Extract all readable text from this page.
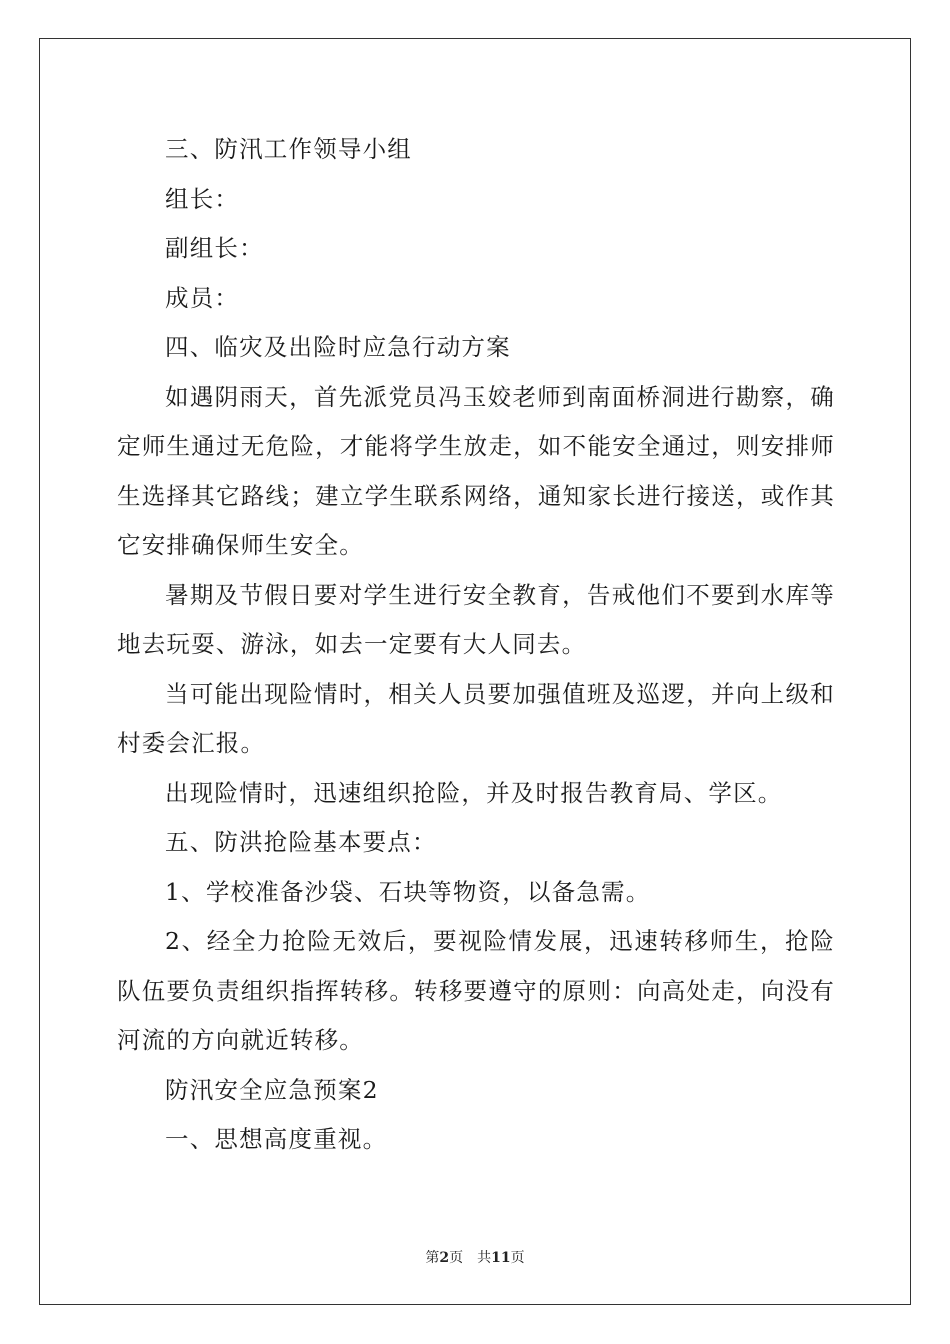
三、防汛工作领导小组

组长：

副组长：

成员：

四、临灾及出险时应急行动方案

如遇阴雨天，首先派党员冯玉姣老师到南面桥洞进行勘察，确定师生通过无危险，才能将学生放走，如不能安全通过，则安排师生选择其它路线；建立学生联系网络，通知家长进行接送，或作其它安排确保师生安全。

暑期及节假日要对学生进行安全教育，告戒他们不要到水库等地去玩耍、游泳，如去一定要有大人同去。

当可能出现险情时，相关人员要加强值班及巡逻，并向上级和村委会汇报。

出现险情时，迅速组织抢险，并及时报告教育局、学区。

五、防洪抢险基本要点：

1、学校准备沙袋、石块等物资，以备急需。

2、经全力抢险无效后，要视险情发展，迅速转移师生，抢险队伍要负责组织指挥转移。转移要遵守的原则：向高处走，向没有河流的方向就近转移。

防汛安全应急预案2

一、思想高度重视。

第2页 共11页
